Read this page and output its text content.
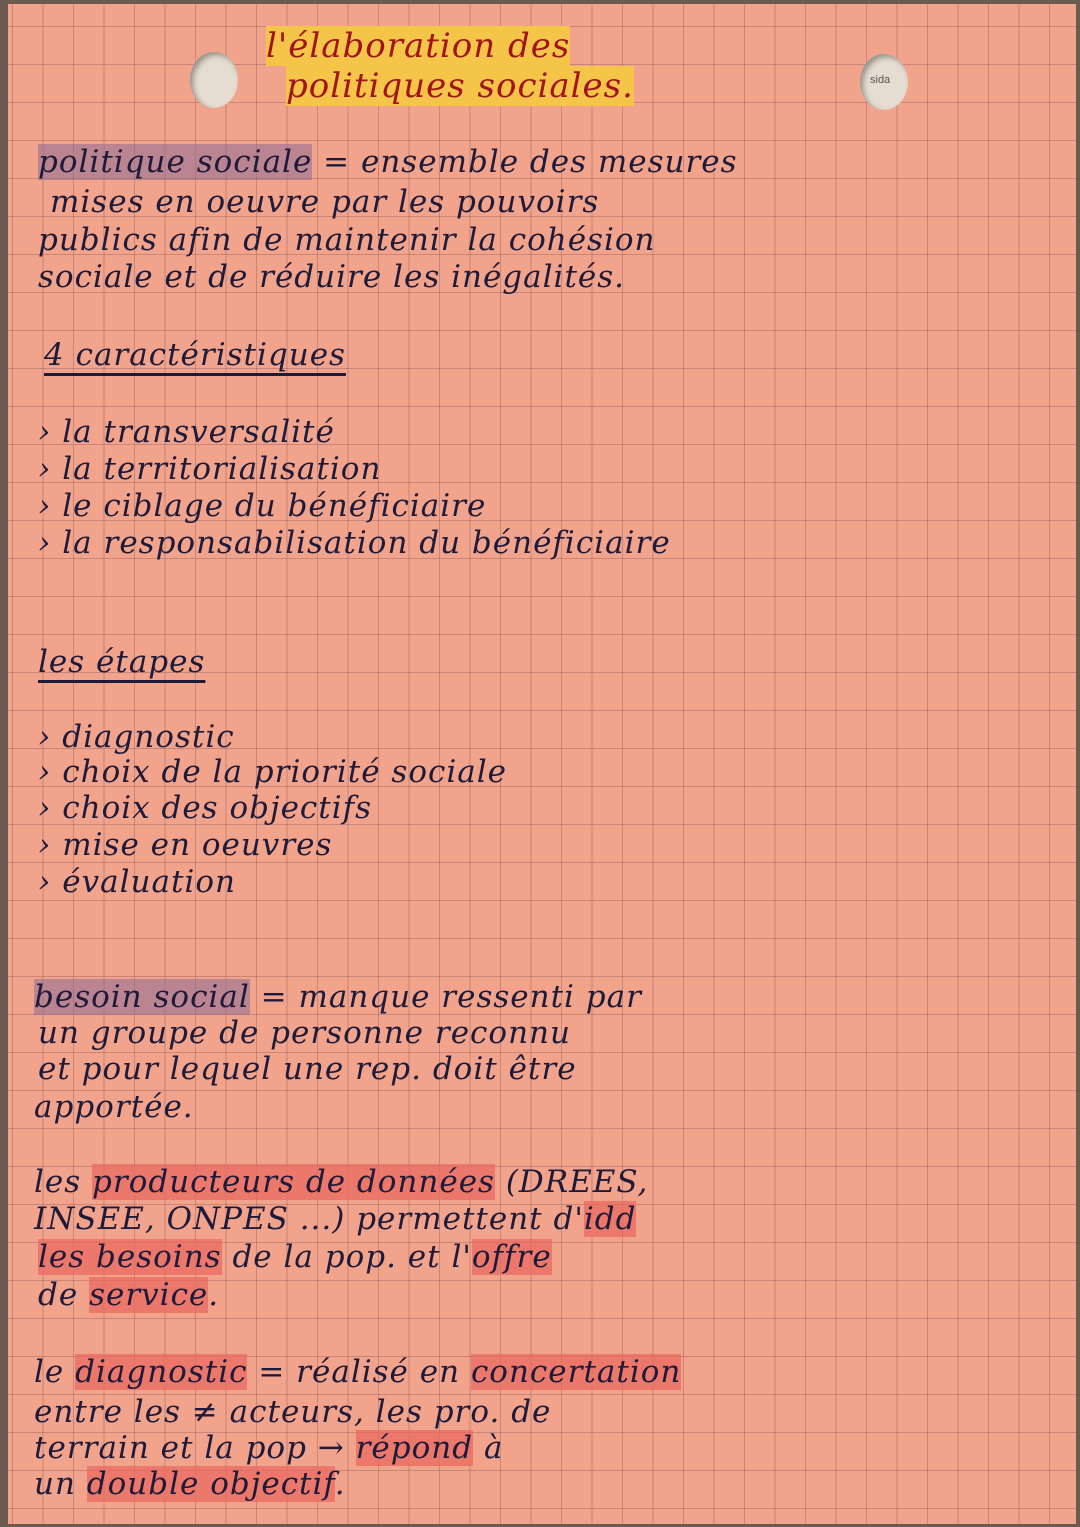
sida
l'élaboration des
politiques sociales.
politique sociale = ensemble des mesures
mises en oeuvre par les pouvoirs
publics afin de maintenir la cohésion
sociale et de réduire les inégalités.
4 caractéristiques
› la transversalité
› la territorialisation
› le ciblage du bénéficiaire
› la responsabilisation du bénéficiaire
les étapes
› diagnostic
› choix de la priorité sociale
› choix des objectifs
› mise en oeuvres
› évaluation
besoin social = manque ressenti par
un groupe de personne reconnu
et pour lequel une rep. doit être
apportée.
les producteurs de données (DREES,
INSEE, ONPES ...) permettent d'idd
les besoins de la pop. et l'offre
de service.
le diagnostic = réalisé en concertation
entre les ≠ acteurs, les pro. de
terrain et la pop → répond à
un double objectif.
